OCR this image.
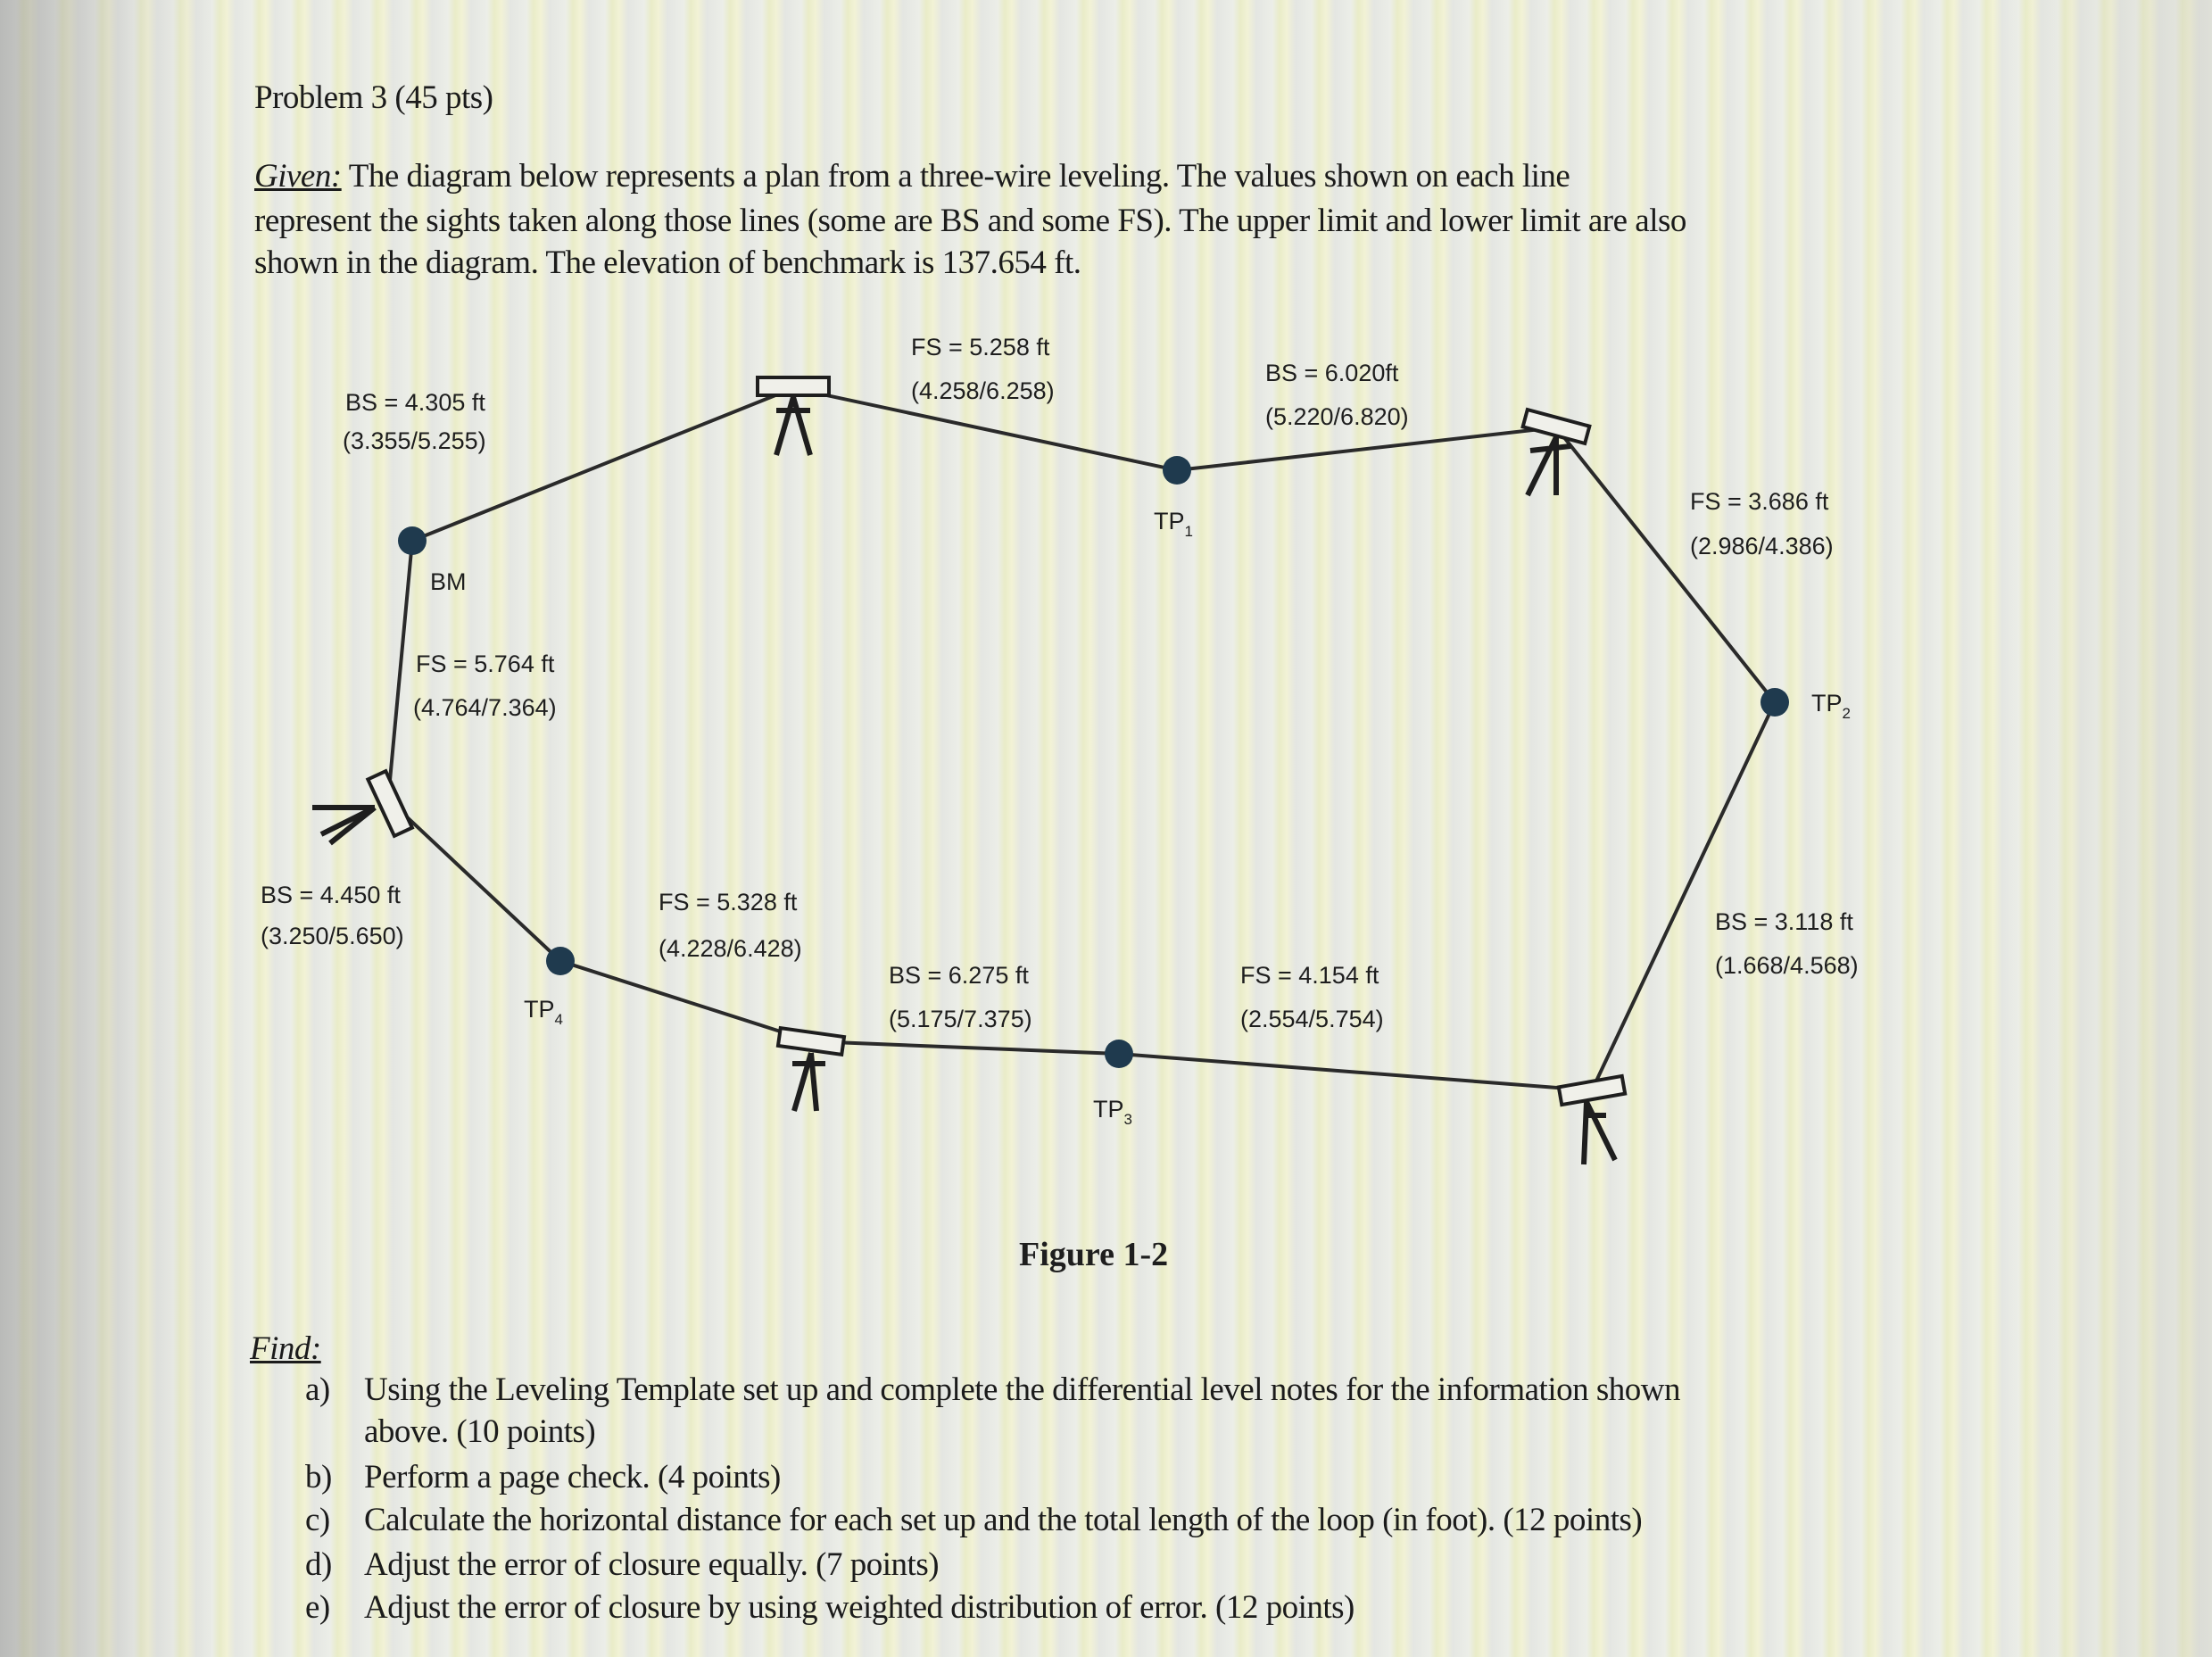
Problem 3 (45 pts)
Given: The diagram below represents a plan from a three-wire leveling. The values shown on each line
represent the sights taken along those lines (some are BS and some FS). The upper limit and lower limit are also
shown in the diagram. The elevation of benchmark is 137.654 ft.
BS = 4.305 ft
(3.355/5.255)
FS = 5.258 ft
(4.258/6.258)
BS = 6.020ft
(5.220/6.820)
FS = 3.686 ft
(2.986/4.386)
BS = 3.118 ft
(1.668/4.568)
FS = 4.154 ft
(2.554/5.754)
BS = 6.275 ft
(5.175/7.375)
FS = 5.328 ft
(4.228/6.428)
BS = 4.450 ft
(3.250/5.650)
FS = 5.764 ft
(4.764/7.364)
BM
$TP_1$
$TP_2$
$TP_3$
$TP_4$
Figure 1-2
Find:
a) Using the Leveling Template set up and complete the differential level notes for the information shown
above. (10 points)
b) Perform a page check. (4 points)
c) Calculate the horizontal distance for each set up and the total length of the loop (in foot). (12 points)
d) Adjust the error of closure equally. (7 points)
e) Adjust the error of closure by using weighted distribution of error. (12 points)
